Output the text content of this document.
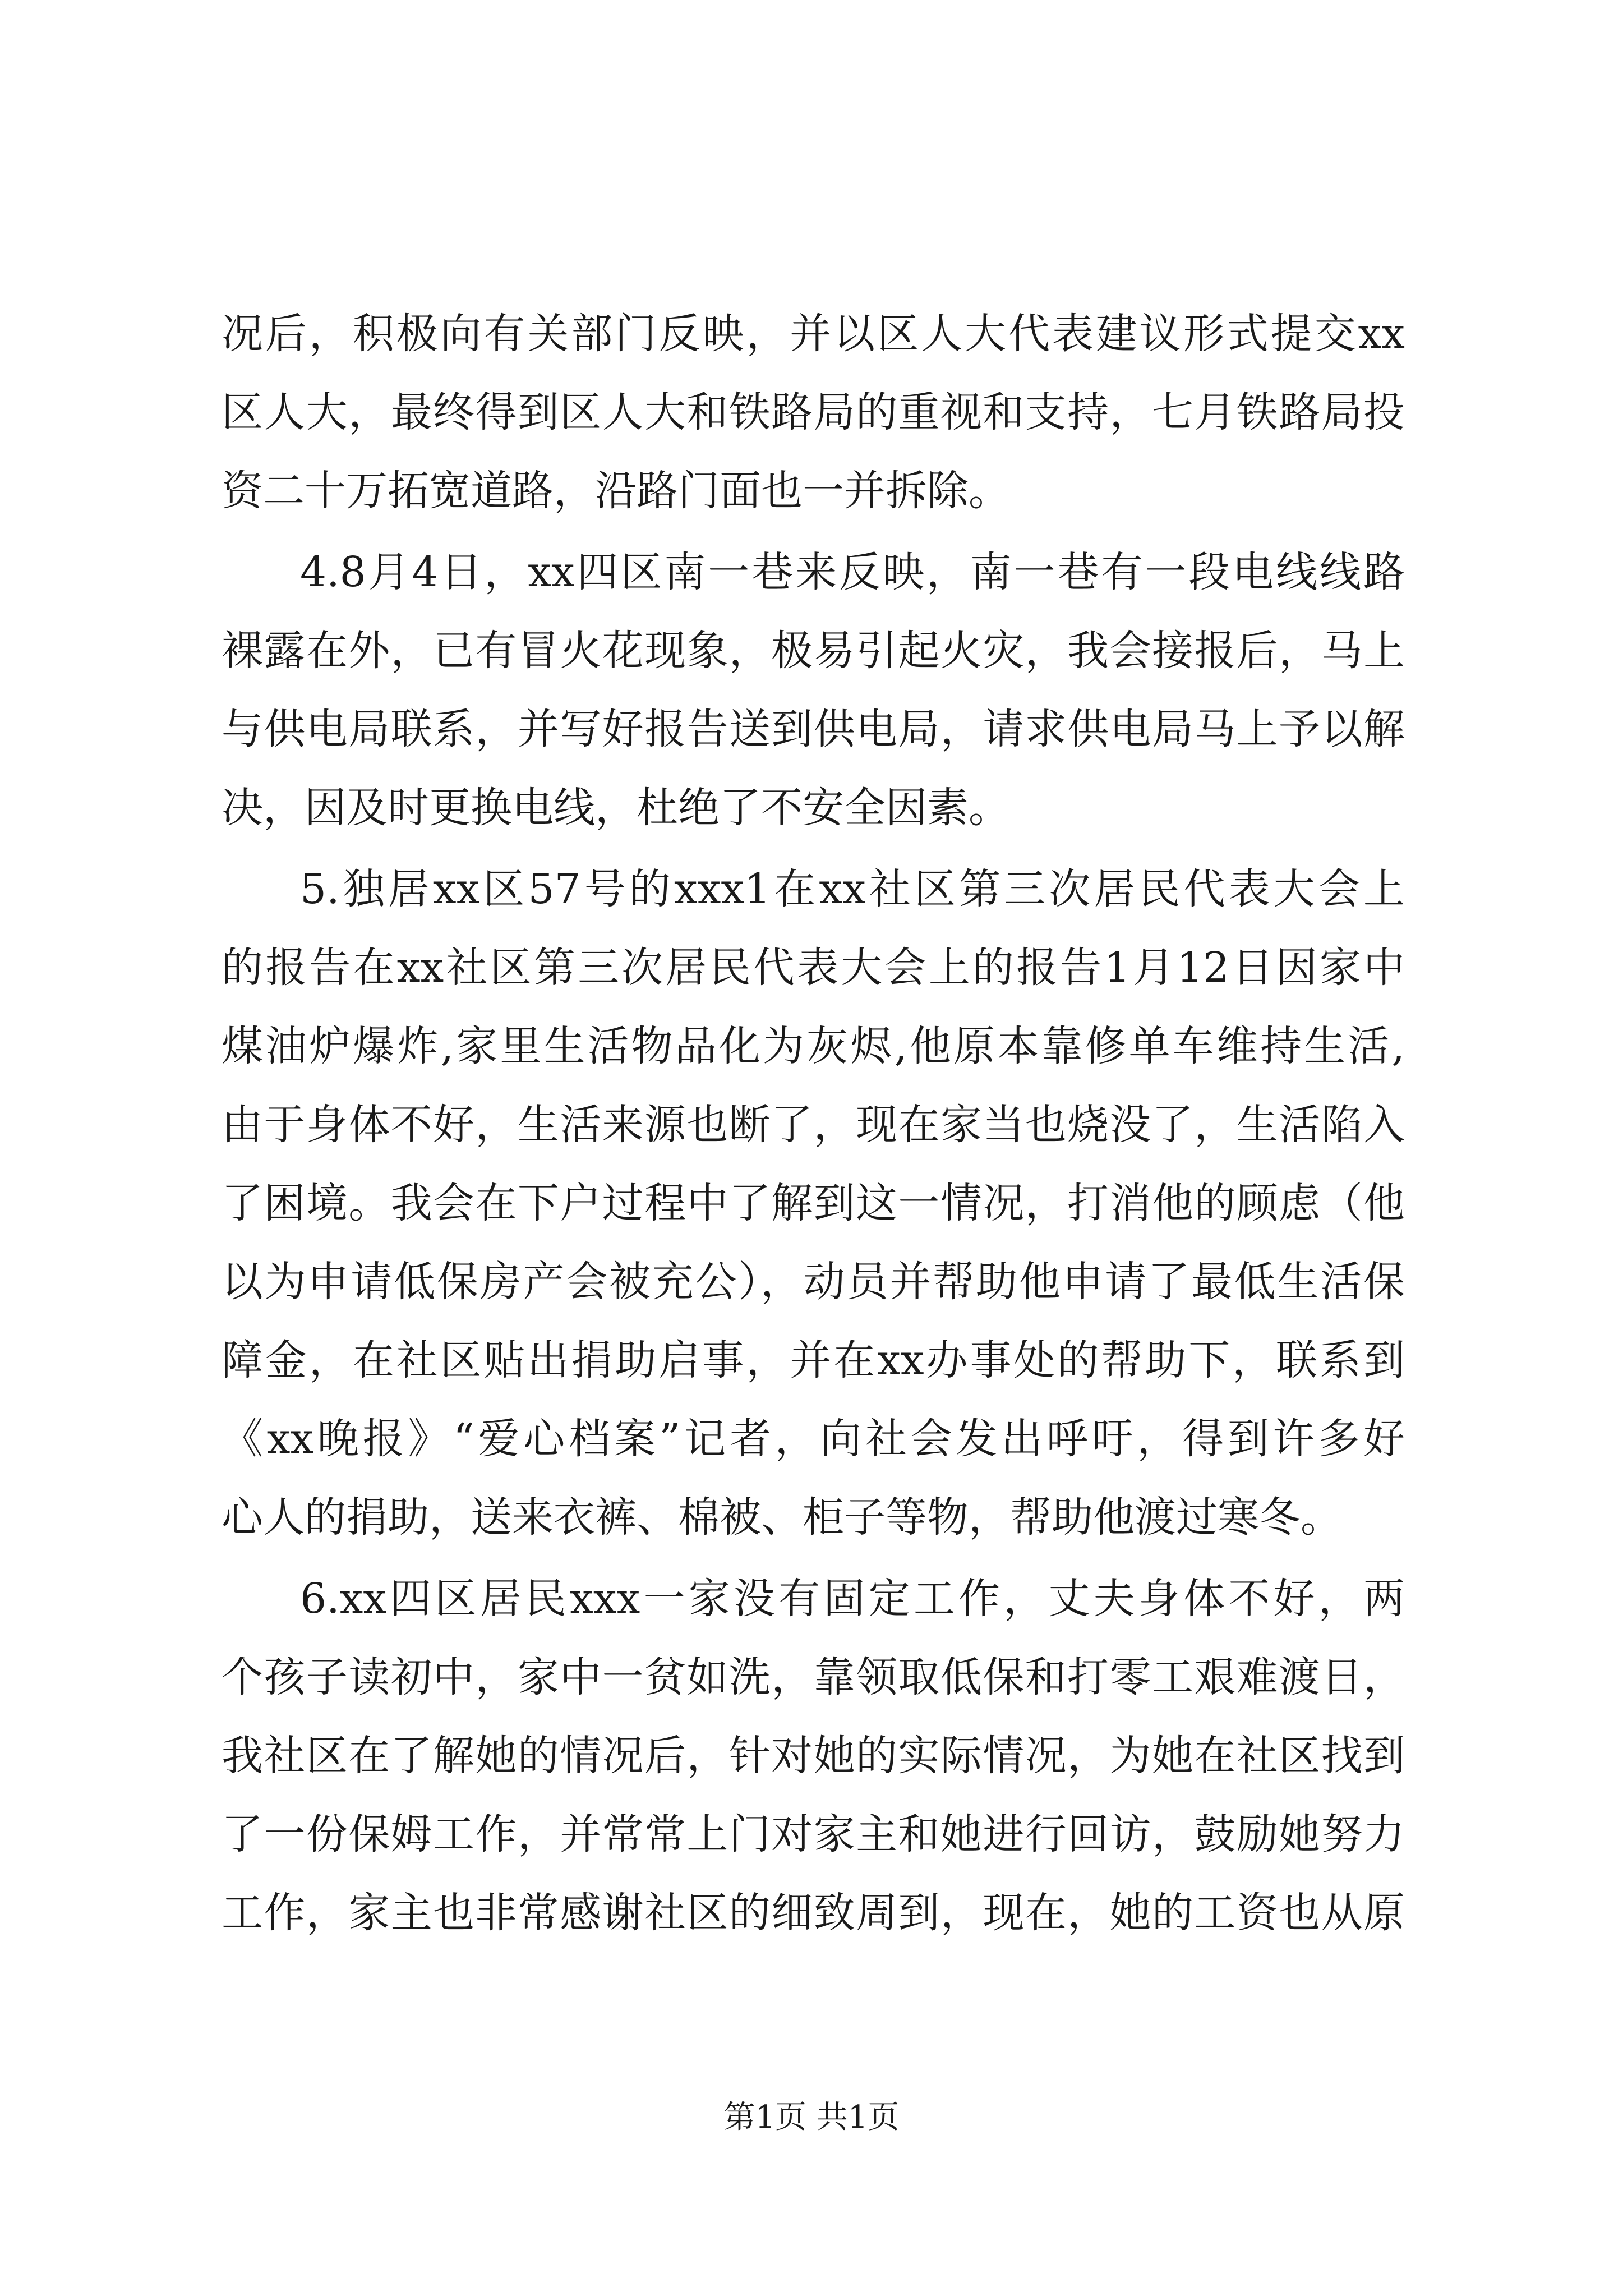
况后，积极向有关部门反映，并以区人大代表建议形式提交xx
区人大，最终得到区人大和铁路局的重视和支持，七月铁路局投
资二十万拓宽道路，沿路门面也一并拆除。
4.8月4日，xx四区南一巷来反映，南一巷有一段电线线路
裸露在外，已有冒火花现象，极易引起火灾，我会接报后，马上
与供电局联系，并写好报告送到供电局，请求供电局马上予以解
决，因及时更换电线，杜绝了不安全因素。
5.独居xx区57号的xxx1在xx社区第三次居民代表大会上
的报告在xx社区第三次居民代表大会上的报告1月12日因家中
煤油炉爆炸,家里生活物品化为灰烬,他原本靠修单车维持生活,
由于身体不好，生活来源也断了，现在家当也烧没了，生活陷入
了困境。我会在下户过程中了解到这一情况，打消他的顾虑（他
以为申请低保房产会被充公），动员并帮助他申请了最低生活保
障金，在社区贴出捐助启事，并在xx办事处的帮助下，联系到
《xx晚报》“爱心档案”记者，向社会发出呼吁，得到许多好
心人的捐助，送来衣裤、棉被、柜子等物，帮助他渡过寒冬。
6.xx四区居民xxx一家没有固定工作，丈夫身体不好，两
个孩子读初中，家中一贫如洗，靠领取低保和打零工艰难渡日，
我社区在了解她的情况后，针对她的实际情况，为她在社区找到
了一份保姆工作，并常常上门对家主和她进行回访，鼓励她努力
工作，家主也非常感谢社区的细致周到，现在，她的工资也从原
第1页 共1页
